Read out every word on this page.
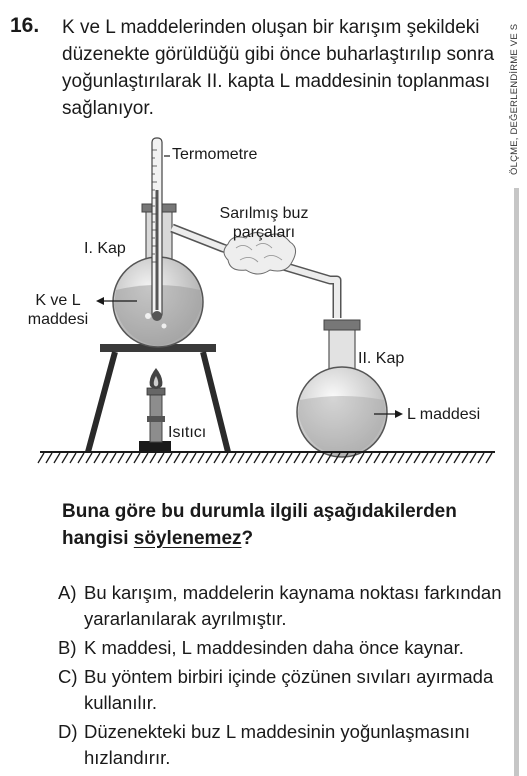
16. K ve L maddelerinden oluşan bir karışım şekildeki düzenekte görüldüğü gibi önce buharlaştırılıp sonra yoğunlaştırılarak II. kapta L maddesinin toplanması sağlanıyor.	ÖLÇME, DEĞERLENDİRME VE S
Termometre
Sarılmış buz
parçaları
I. Kap
K ve L
maddesi
II. Kap
L maddesi
Isıtıcı

Buna göre bu durumla ilgili aşağıdakilerden hangisi söylenemez?

A) Bu karışım, maddelerin kaynama noktası farkından yararlanılarak ayrılmıştır.
B) K maddesi, L maddesinden daha önce kaynar.
C) Bu yöntem birbiri içinde çözünen sıvıları ayırmada kullanılır.
D) Düzenekteki buz L maddesinin yoğunlaşmasını hızlandırır.
